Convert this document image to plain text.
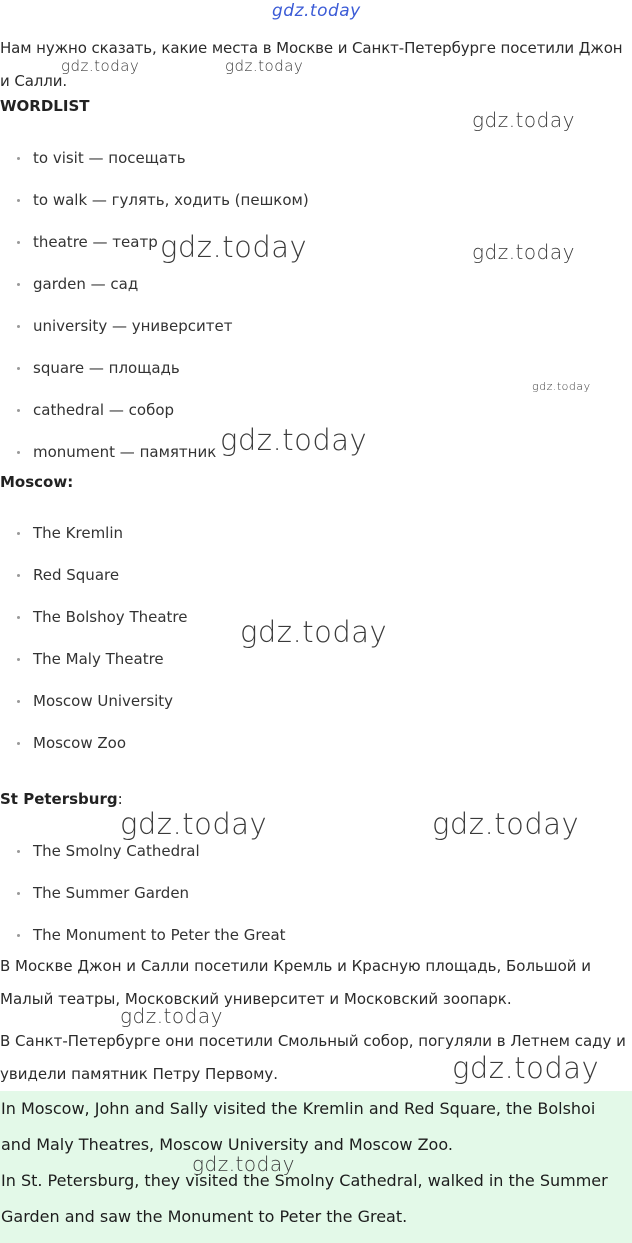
Нам нужно сказать, какие места в Москве и Санкт-Петербурге посетили Джон и Салли.

WORDLIST
to visit — посещать
to walk — гулять, ходить (пешком)
theatre — театр
garden — сад
university — университет
square — площадь
cathedral — собор
monument — памятник
Moscow:
The Kremlin
Red Square
The Bolshoy Theatre
The Maly Theatre
Moscow University
Moscow Zoo
St Petersburg:
The Smolny Cathedral
The Summer Garden
The Monument to Peter the Great

В Москве Джон и Салли посетили Кремль и Красную площадь, Большой и Малый театры, Московский университет и Московский зоопарк.

В Санкт-Петербурге они посетили Смольный собор, погуляли в Летнем саду и увидели памятник Петру Первому.

In Moscow, John and Sally visited the Kremlin and Red Square, the Bolshoi and Maly Theatres, Moscow University and Moscow Zoo.

In St. Petersburg, they visited the Smolny Cathedral, walked in the Summer Garden and saw the Monument to Peter the Great.

gdz.today
gdz.today	gdz.today
gdz.today
gdz.today	gdz.today
gdz.today
gdz.today
gdz.today
gdz.today	gdz.today
gdz.today
gdz.today
gdz.today
